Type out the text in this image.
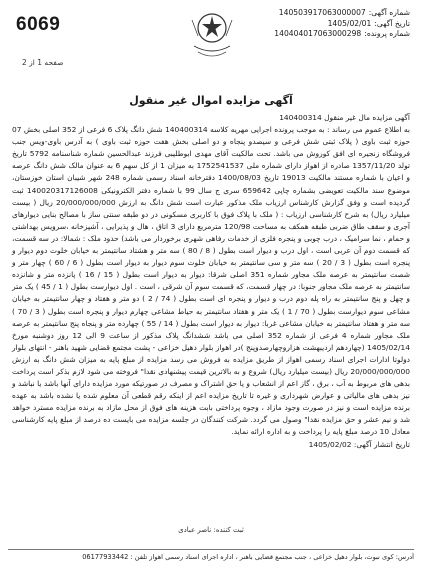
6069
صفحه 1 از 2
شماره آگهی:
140503917063000007
تاریخ آگهی:
1405/02/01
شماره پرونده:
140404017063000298
آگهی مزایده اموال غیر منقول

آگهی مزایده مال غیر منقول 140400314

به اطلاع عموم می رساند : به موجب پرونده اجرایی مهریه کلاسه 140400314 شش دانگ پلاک 6 فرعی از 352 اصلی بخش 07 حوزه ثبت باوی ( پلاک ثبتی شش فرعی و سیصدو پنجاه و دو اصلی بخش هفت حوزه ثبت باوی ) به آدرس باوی-ویس جنب فروشگاه زنجیره ای افق کوروش می باشد. تحت مالکیت آقای مهدی ابوطلیبی فرزند عبدالحسین شماره شناسنامه 5792 تاریخ تولد 1357/11/20 صادره از اهواز دارای شماره ملی 1752541537 به میزان 1 از کل سهم 6 به عنوان مالک شش دانگ عرصه و اعیان با شماره مستند مالکیت 19013 تاریخ 1400/08/03 دفترخانه اسناد رسمی شماره 248 شهر شیبان استان خوزستان، موضوع سند مالکیت تعویضی بشماره چاپی 659642 سری ج سال 99 با شماره دفتر الکترونیکی 140020317126008 ثبت گردیده است و وفق گزارش کارشناس ارزیاب ملک مذکور عبارت است شش دانگ به ارزش 20/000/000/000 ریال ( بیست میلیارد ریال) به شرح کارشناسی ارزیاب : ( ملک با پلاک فوق با کاربری مسکونی در دو طبقه سنتی ساز با مصالح بنایی دیوارهای آجری و سقف طاق ضربی طبقه همکف به مساحت 120/98 مترمربع دارای 3 اتاق ، هال و پذیرایی ، آشپزخانه ،سرویس بهداشتی و حمام ، نما سرامیک ، درب چوبی و پنجره فلزی از خدمات رفاهی شهری برخوردار می باشد) حدود ملک : شمالا: در سه قسمت، که قسمت دوم آن عربی است ، اول درب و دیوار است بطول ( 8 / 80 ) سه متر و هشتاد سانتیمتر به خیابان خلوت دوم دیوار و پنجره است بطول ( 3 / 20 ) سه متر و سی سانتیمتر به خیابان خلوت سوم دیوار به دیوار است بطول ( 6 / 60 ) چهار متر و شصت سانتیمتر به عرصه ملک مجاور شماره 351 اصلی شرقا: دیوار به دیوار است بطول ( 15 / 16 ) پانزده متر و شانزده سانتیمتر به عرصه ملک مجاور جنوبا: در چهار قسمت، که قسمت سوم آن شرقی ، است . اول دیوارست بطول ( 1 / 45 ) یک متر و چهل و پنج سانتیمتر به راه پله دوم درب و دیوار و پنجره ای است بطول ( 74 / 2 ) دو متر و هفتاد و چهار سانتیمتر به خیابان مشاعی سوم دیوارست بطول ( 70 / 1 ) یک متر و هفتاد سانتیمتر به حیاط مشاعی چهارم دیوار و پنجره است بطول ( 3 / 70 ) سه متر و هفتاد سانتیمتر به خیابان مشاعی غربا: دیوار به دیوار است بطول ( 14 / 55 ) چهارده متر و پنجاه پنج سانتیمتر به عرصه ملک مجاور شماره 4 فرعی از شماره 352 اصلی می باشد ششدانگ پلاک مذکور از ساعت 9 الی 12 روز دوشنبه مورخ 1405/02/14 (چهاردهم اردیبهشت هزاروچهارصدوپنج )در اهواز بلوار دهیل خزاعی - پشت مجتمع قضایی شهید باهنر - انتهای بلوار دولوتا ادارات اجرای اسناد رسمی اهواز از طریق مزایده به فروش می رسد مزایده از مبلغ پایه به میزان شش دانگ به ارزش 20/000/000/000 ریال (بیست میلیارد ریال) شروع و به بالاترین قیمت پیشنهادی نقدا" فروخته می شود لازم بذکر است پرداخت بدهی های مربوط به آب ، برق ، گاز اعم از انشعاب و یا حق اشتراک و مصرف در صورتیکه مورد مزایده دارای آنها باشد یا نباشد و نیز بدهی های مالیاتی و عوارض شهرداری و غیره تا تاریخ مزایده اعم از اینکه رقم قطعی آن معلوم شده یا نشده باشد به عهده برنده مزایده است و نیز در صورت وجود مازاد ، وجوه پرداختی بابت هزینه های فوق از محل مازاد به برنده مزایده مسترد خواهد شد و نیم عشر و حق مزایده نقدا" وصول می گردد. شرکت کنندگان در جلسه مزایده می بایست ده درصد از مبلغ پایه کارشناسی معادل 10 درصد مبلغ پایه را پرداخت و به اداره ارائه نماید.

تاریخ انتشار آگهی: 1405/02/02

ثبت کننده: ناصر عبادی
آدرس: کوی نبوت، بلوار دهیل خزاعی ، جنب مجتمع قضایی باهنر ، اداره اجرای اسناد رسمی اهواز تلفن : 06177933442
